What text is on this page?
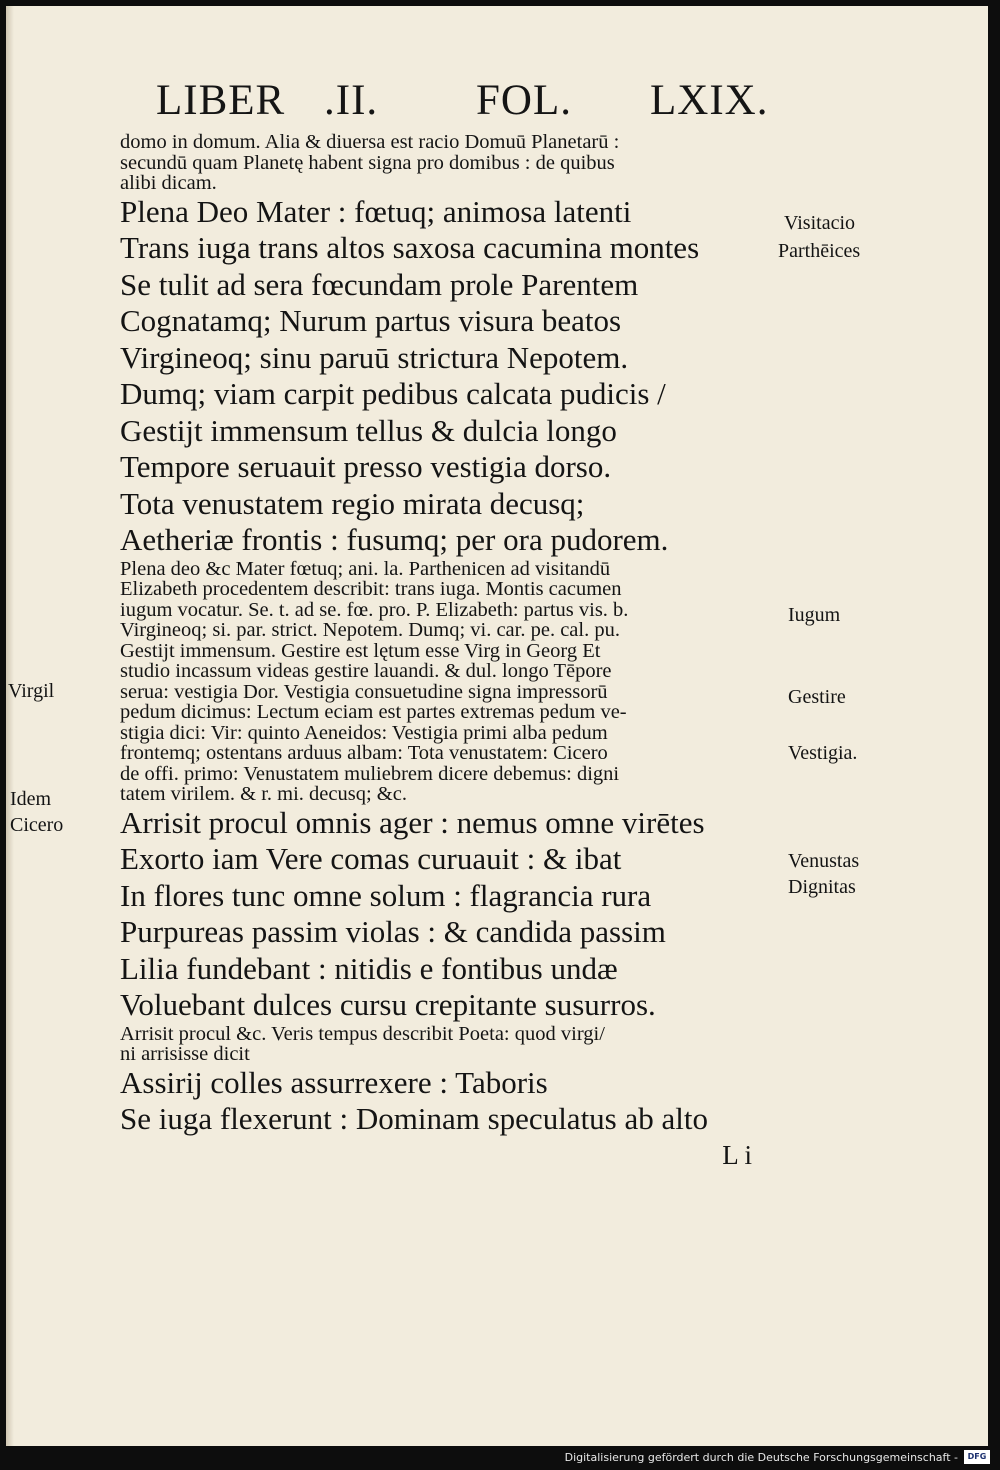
LIBER .II. FOL. LXIX.
domo in domum. Alia & diuersa est racio Domuū Planetarū :
secundū quam Planetę habent signa pro domibus : de quibus
alibi dicam.
Plena Deo Mater : fœtuq; animosa latenti
Trans iuga trans altos saxosa cacumina montes
Se tulit ad sera fœcundam prole Parentem
Cognatamq; Nurum partus visura beatos
Virgineoq; sinu paruū strictura Nepotem.
Dumq; viam carpit pedibus calcata pudicis /
Gestijt immensum tellus & dulcia longo
Tempore seruauit presso vestigia dorso.
Tota venustatem regio mirata decusq;
Aetheriæ frontis : fusumq; per ora pudorem.
Plena deo &c Mater fœtuq; ani. la. Parthenicen ad visitandū
Elizabeth procedentem describit: trans iuga. Montis cacumen
iugum vocatur. Se. t. ad se. fœ. pro. P. Elizabeth: partus vis. b.
Virgineoq; si. par. strict. Nepotem. Dumq; vi. car. pe. cal. pu.
Gestijt immensum. Gestire est lętum esse Virg in Georg Et
studio incassum videas gestire lauandi. & dul. longo Tēpore
serua: vestigia Dor. Vestigia consuetudine signa impressorū
pedum dicimus: Lectum eciam est partes extremas pedum ve-
stigia dici: Vir: quinto Aeneidos: Vestigia primi alba pedum
frontemq; ostentans arduus albam: Tota venustatem: Cicero
de offi. primo: Venustatem muliebrem dicere debemus: digni
tatem virilem. & r. mi. decusq; &c.
Arrisit procul omnis ager : nemus omne virētes
Exorto iam Vere comas curuauit : & ibat
In flores tunc omne solum : flagrancia rura
Purpureas passim violas : & candida passim
Lilia fundebant : nitidis e fontibus undæ
Voluebant dulces cursu crepitante susurros.
Arrisit procul &c. Veris tempus describit Poeta: quod virgi/
ni arrisisse dicit
Assirij colles assurrexere : Taboris
Se iuga flexerunt : Dominam speculatus ab alto
L i
Visitacio
Parthēices
Iugum
Virgil	Gestire
Vestigia.
Idem
Cicero
Venustas
Dignitas
Digitalisierung gefördert durch die Deutsche Forschungsgemeinschaft -	DFG
